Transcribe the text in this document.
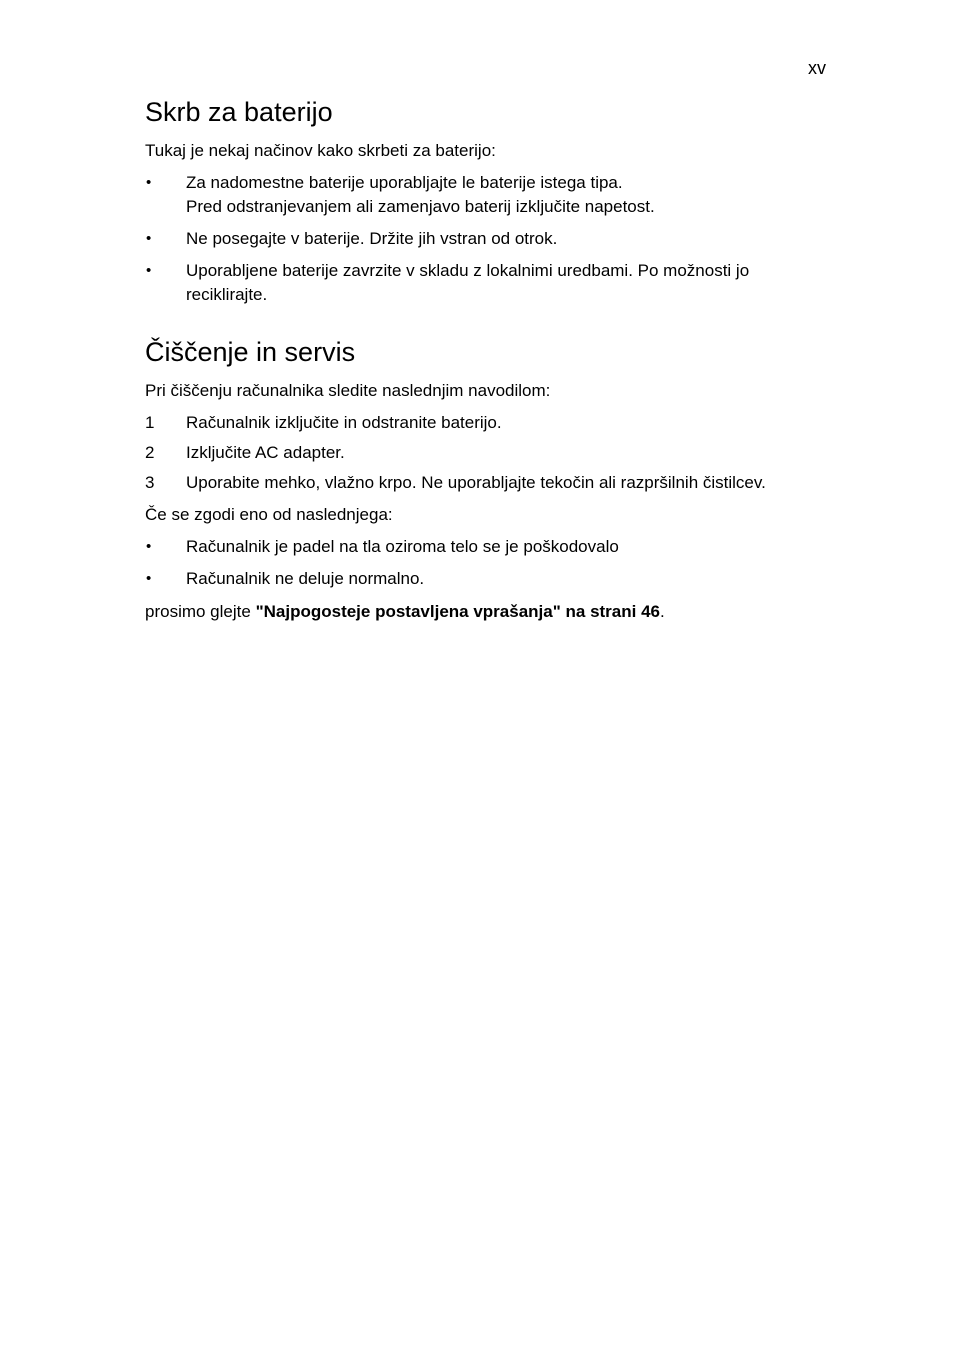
xv
Skrb za baterijo

Tukaj je nekaj načinov kako skrbeti za baterijo:

• Za nadomestne baterije uporabljajte le baterije istega tipa.
Pred odstranjevanjem ali zamenjavo baterij izključite napetost.
• Ne posegajte v baterije. Držite jih vstran od otrok.
• Uporabljene baterije zavrzite v skladu z lokalnimi uredbami. Po možnosti jo
reciklirajte.
Čiščenje in servis

Pri čiščenju računalnika sledite naslednjim navodilom:

1 Računalnik izključite in odstranite baterijo.
2 Izključite AC adapter.
3 Uporabite mehko, vlažno krpo. Ne uporabljajte tekočin ali razpršilnih čistilcev.

Če se zgodi eno od naslednjega:

• Računalnik je padel na tla oziroma telo se je poškodovalo
• Računalnik ne deluje normalno.

prosimo glejte "Najpogosteje postavljena vprašanja" na strani 46.
